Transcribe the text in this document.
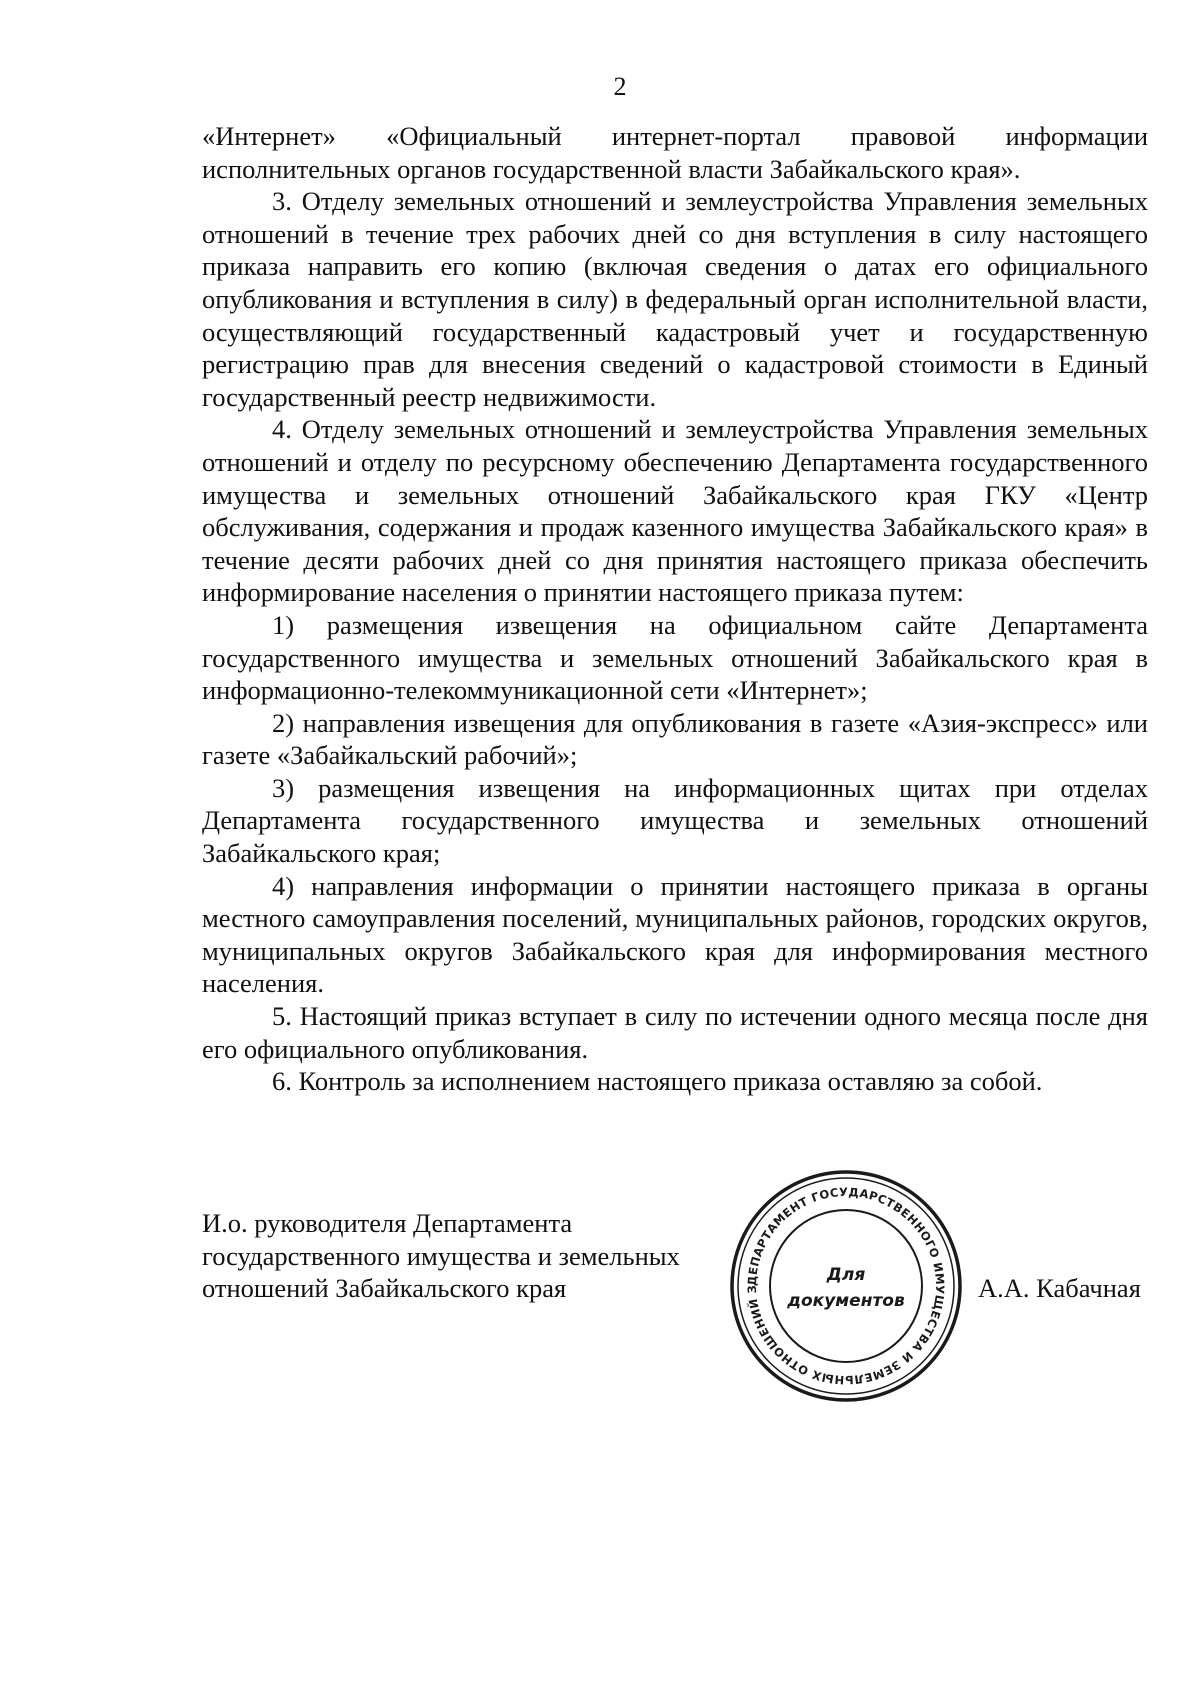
2

«Интернет» «Официальный интернет-портал правовой информации исполнительных органов государственной власти Забайкальского края».

3. Отделу земельных отношений и землеустройства Управления земельных отношений в течение трех рабочих дней со дня вступления в силу настоящего приказа направить его копию (включая сведения о датах его официального опубликования и вступления в силу) в федеральный орган исполнительной власти, осуществляющий государственный кадастровый учет и государственную регистрацию прав для внесения сведений о кадастровой стоимости в Единый государственный реестр недвижимости.

4. Отделу земельных отношений и землеустройства Управления земельных отношений и отделу по ресурсному обеспечению Департамента государственного имущества и земельных отношений Забайкальского края ГКУ «Центр обслуживания, содержания и продаж казенного имущества Забайкальского края» в течение десяти рабочих дней со дня принятия настоящего приказа обеспечить информирование населения о принятии настоящего приказа путем:

1) размещения извещения на официальном сайте Департамента государственного имущества и земельных отношений Забайкальского края в информационно-телекоммуникационной сети «Интернет»;

2) направления извещения для опубликования в газете «Азия-экспресс» или газете «Забайкальский рабочий»;

3) размещения извещения на информационных щитах при отделах Департамента государственного имущества и земельных отношений Забайкальского края;

4) направления информации о принятии настоящего приказа в органы местного самоуправления поселений, муниципальных районов, городских округов, муниципальных округов Забайкальского края для информирования местного населения.

5. Настоящий приказ вступает в силу по истечении одного месяца после дня его официального опубликования.

6. Контроль за исполнением настоящего приказа оставляю за собой.

И.о. руководителя Департамента
государственного имущества и земельных
отношений Забайкальского края	А.А. Кабачная
ДЕПАРТАМЕНТ ГОСУДАРСТВЕННОГО ИМУЩЕСТВА И ЗЕМЕЛЬНЫХ ОТНОШЕНИЙ З
Для
документов
